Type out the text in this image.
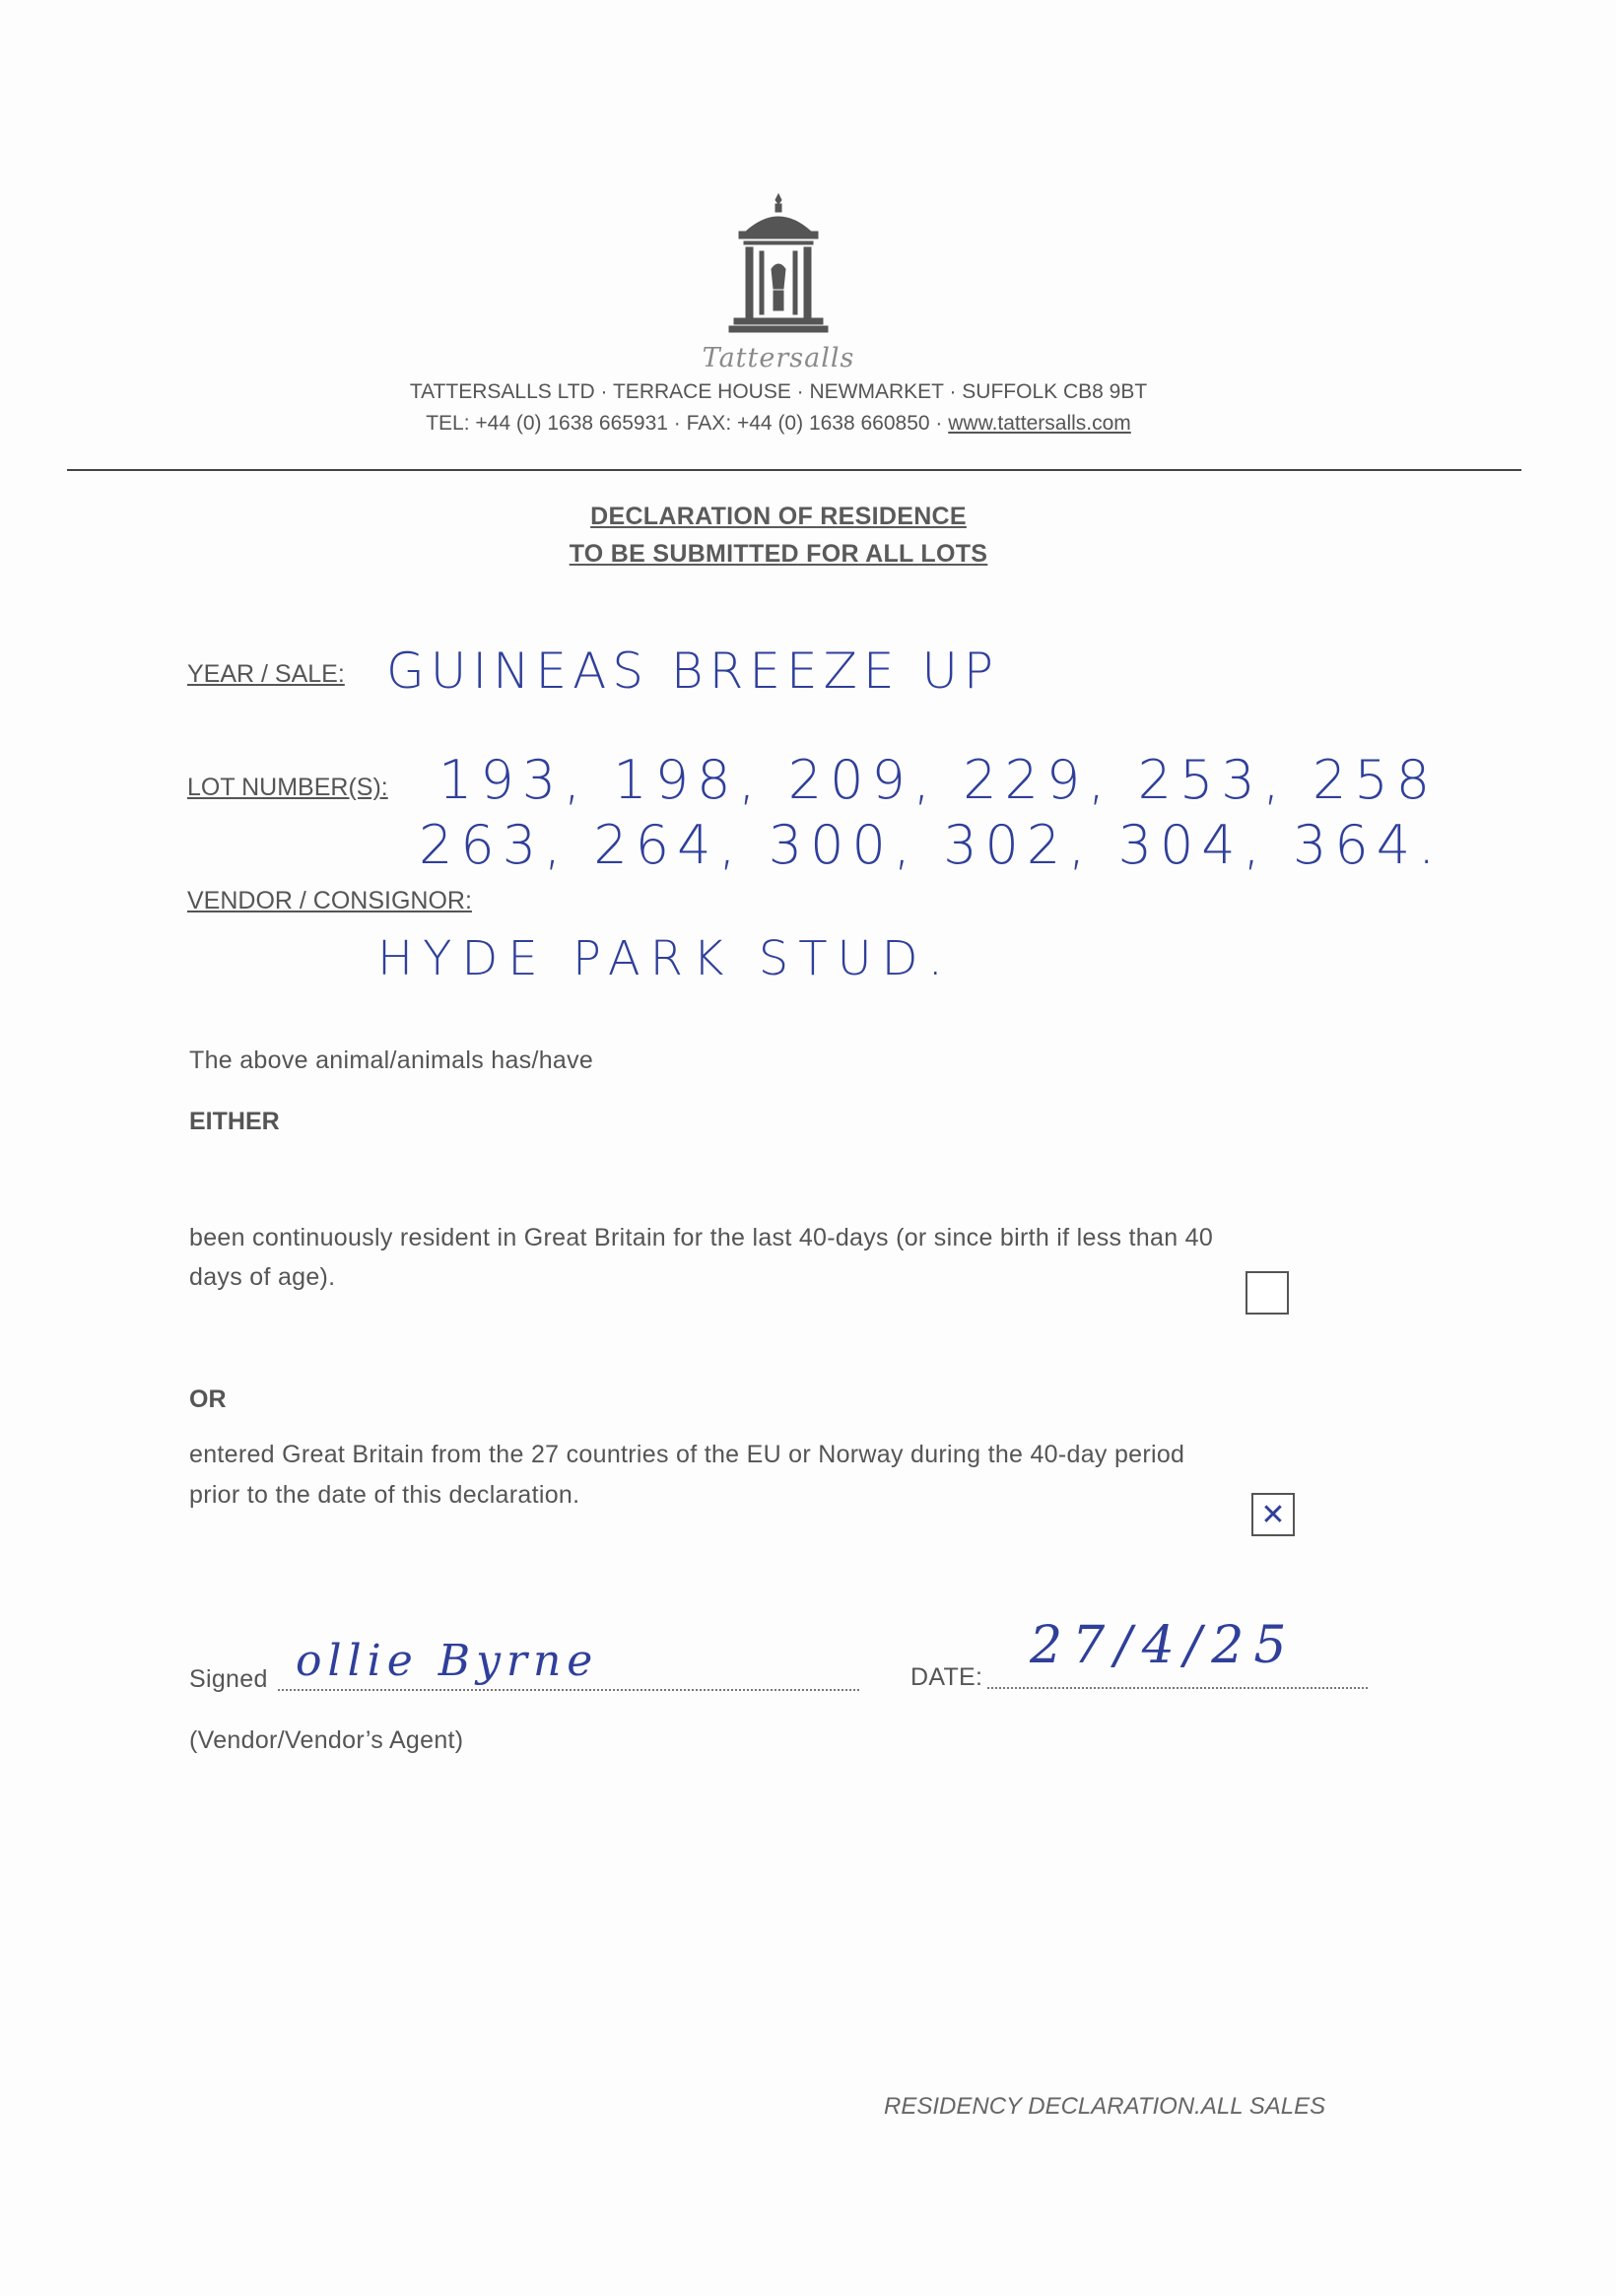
Tattersalls
TATTERSALLS LTD · TERRACE HOUSE · NEWMARKET · SUFFOLK CB8 9BT
TEL: +44 (0) 1638 665931 · FAX: +44 (0) 1638 660850 · www.tattersalls.com
DECLARATION OF RESIDENCE
TO BE SUBMITTED FOR ALL LOTS
YEAR / SALE: GUINEAS BREEZE UP
LOT NUMBER(S): 193, 198, 209, 229, 253, 258
263, 264, 300, 302, 304, 364.
VENDOR / CONSIGNOR:
HYDE PARK STUD.
The above animal/animals has/have
EITHER
been continuously resident in Great Britain for the last 40-days (or since birth if less than 40
days of age).
OR
entered Great Britain from the 27 countries of the EU or Norway during the 40-day period
prior to the date of this declaration.
✕
Signed ollie Byrne	DATE:
27/4/25
(Vendor/Vendor’s Agent)
RESIDENCY DECLARATION.ALL SALES
